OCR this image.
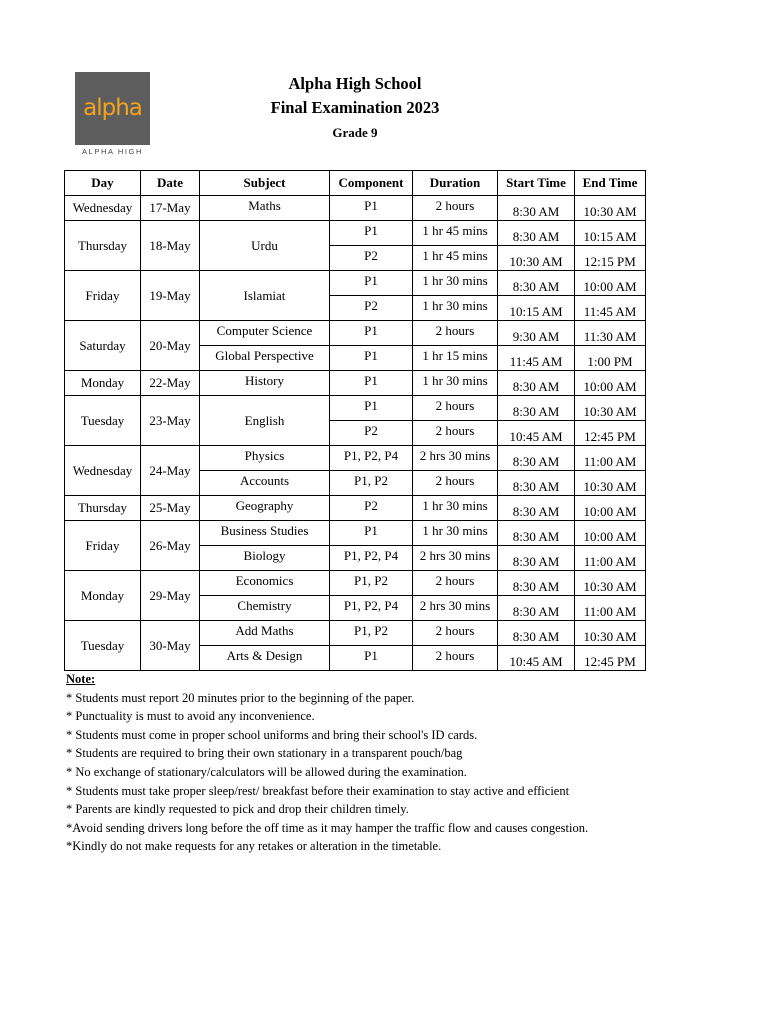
alpha
ALPHA HIGH
Alpha High School
Final Examination 2023
Grade 9
Day	Date	Subject	Component	Duration	Start Time	End Time
Wednesday	17-May	Maths	P1	2 hours	8:30 AM	10:30 AM
Thursday	18-May	Urdu	P1	1 hr 45 mins	8:30 AM	10:15 AM
			P2	1 hr 45 mins	10:30 AM	12:15 PM
Friday	19-May	Islamiat	P1	1 hr 30 mins	8:30 AM	10:00 AM
			P2	1 hr 30 mins	10:15 AM	11:45 AM
Saturday	20-May	Computer Science	P1	2 hours	9:30 AM	11:30 AM
		Global Perspective	P1	1 hr 15 mins	11:45 AM	1:00 PM
Monday	22-May	History	P1	1 hr 30 mins	8:30 AM	10:00 AM
Tuesday	23-May	English	P1	2 hours	8:30 AM	10:30 AM
			P2	2 hours	10:45 AM	12:45 PM
Wednesday	24-May	Physics	P1, P2, P4	2 hrs 30 mins	8:30 AM	11:00 AM
		Accounts	P1, P2	2 hours	8:30 AM	10:30 AM
Thursday	25-May	Geography	P2	1 hr 30 mins	8:30 AM	10:00 AM
Friday	26-May	Business Studies	P1	1 hr 30 mins	8:30 AM	10:00 AM
		Biology	P1, P2, P4	2 hrs 30 mins	8:30 AM	11:00 AM
Monday	29-May	Economics	P1, P2	2 hours	8:30 AM	10:30 AM
		Chemistry	P1, P2, P4	2 hrs 30 mins	8:30 AM	11:00 AM
Tuesday	30-May	Add Maths	P1, P2	2 hours	8:30 AM	10:30 AM
		Arts & Design	P1	2 hours	10:45 AM	12:45 PM
Note:
* Students must report 20 minutes prior to the beginning of the paper.
* Punctuality is must to avoid any inconvenience.
* Students must come in proper school uniforms and bring their school's ID cards.
* Students are required to bring their own stationary in a transparent pouch/bag
* No exchange of stationary/calculators will be allowed during the examination.
* Students must take proper sleep/rest/ breakfast before their examination to stay active and efficient
* Parents are kindly requested to pick and drop their children timely.
*Avoid sending drivers long before the off time as it may hamper the traffic flow and causes congestion.
*Kindly do not make requests for any retakes or alteration in the timetable.
